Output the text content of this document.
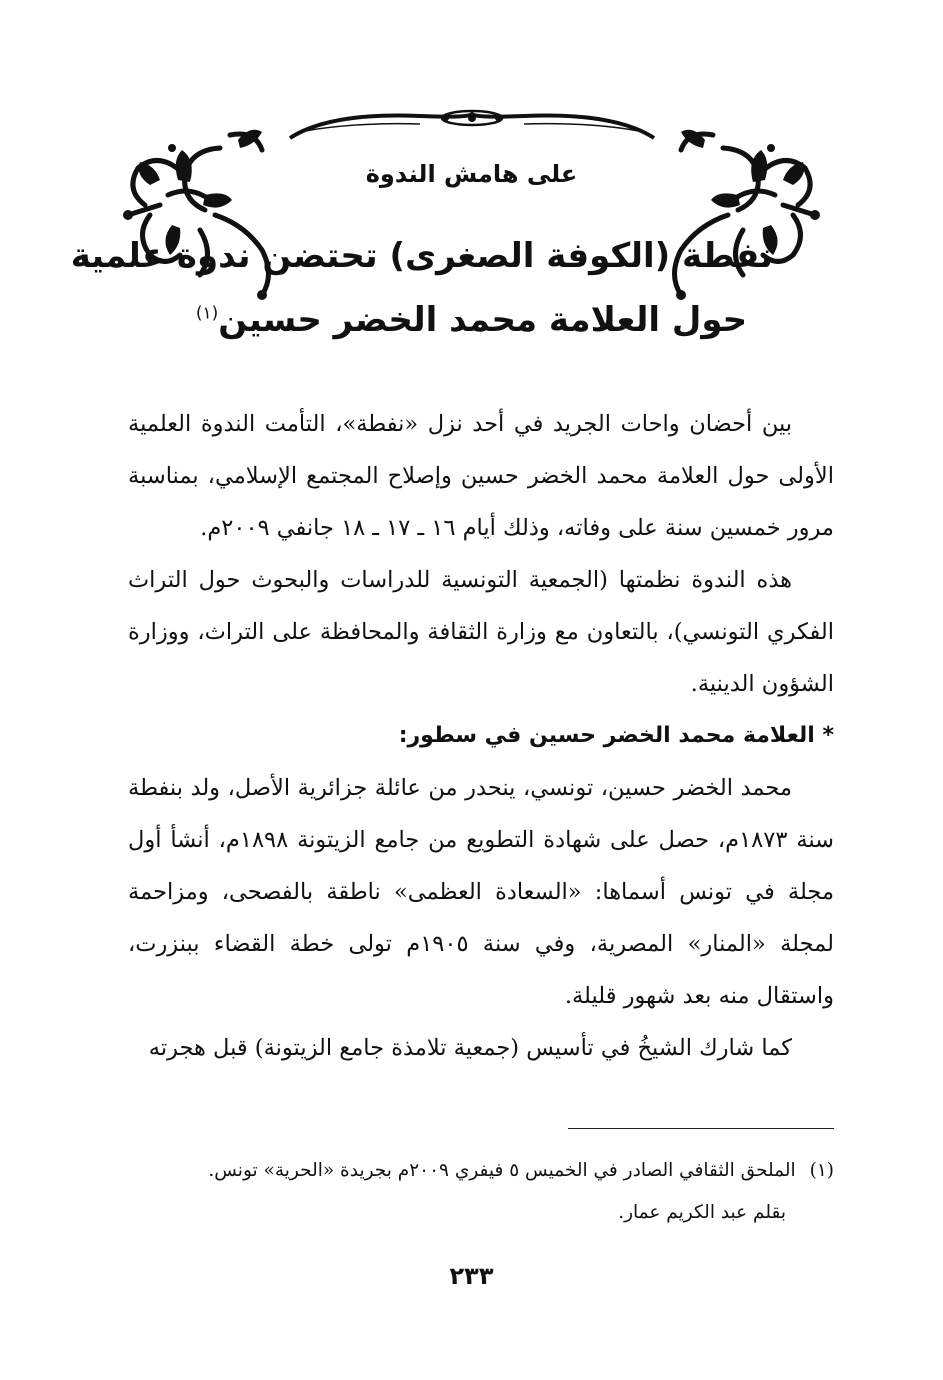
على هامش الندوة
نفطة (الكوفة الصغرى) تحتضن ندوة علمية
حول العلامة محمد الخضر حسين$^{(١)}$

بين أحضان واحات الجريد في أحد نزل «نفطة»، التأمت الندوة العلمية الأولى حول العلامة محمد الخضر حسين وإصلاح المجتمع الإسلامي، بمناسبة مرور خمسين سنة على وفاته، وذلك أيام ١٦ ـ ١٧ ـ ١٨ جانفي ٢٠٠٩م.

هذه الندوة نظمتها (الجمعية التونسية للدراسات والبحوث حول التراث الفكري التونسي)، بالتعاون مع وزارة الثقافة والمحافظة على التراث، ووزارة الشؤون الدينية.

* العلامة محمد الخضر حسين في سطور:

محمد الخضر حسين، تونسي، ينحدر من عائلة جزائرية الأصل، ولد بنفطة سنة ١٨٧٣م، حصل على شهادة التطويع من جامع الزيتونة ١٨٩٨م، أنشأ أول مجلة في تونس أسماها: «السعادة العظمى» ناطقة بالفصحى، ومزاحمة لمجلة «المنار» المصرية، وفي سنة ١٩٠٥م تولى خطة القضاء ببنزرت، واستقال منه بعد شهور قليلة.

كما شارك الشيخُ في تأسيس (جمعية تلامذة جامع الزيتونة) قبل هجرته

(١)الملحق الثقافي الصادر في الخميس ٥ فيفري ٢٠٠٩م بجريدة «الحرية» تونس.
بقلم عبد الكريم عمار.
٢٣٣
